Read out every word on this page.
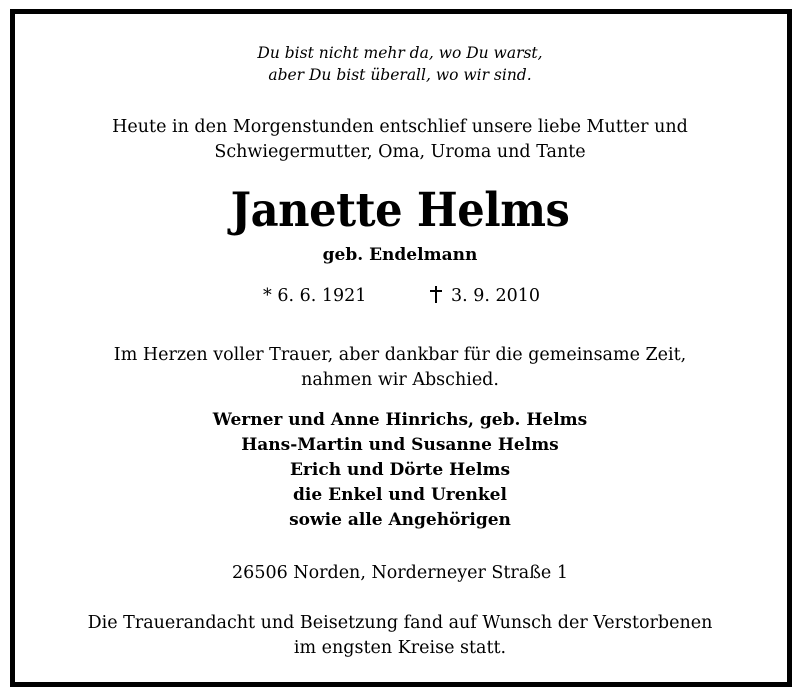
Du bist nicht mehr da, wo Du warst,
aber Du bist überall, wo wir sind.
Heute in den Morgenstunden entschlief unsere liebe Mutter und
Schwiegermutter, Oma, Uroma und Tante
Janette Helms
geb. Endelmann
* 6. 6. 1921	3. 9. 2010
Im Herzen voller Trauer, aber dankbar für die gemeinsame Zeit,
nahmen wir Abschied.
Werner und Anne Hinrichs, geb. Helms
Hans-Martin und Susanne Helms
Erich und Dörte Helms
die Enkel und Urenkel
sowie alle Angehörigen
26506 Norden, Norderneyer Straße 1
Die Trauerandacht und Beisetzung fand auf Wunsch der Verstorbenen
im engsten Kreise statt.
